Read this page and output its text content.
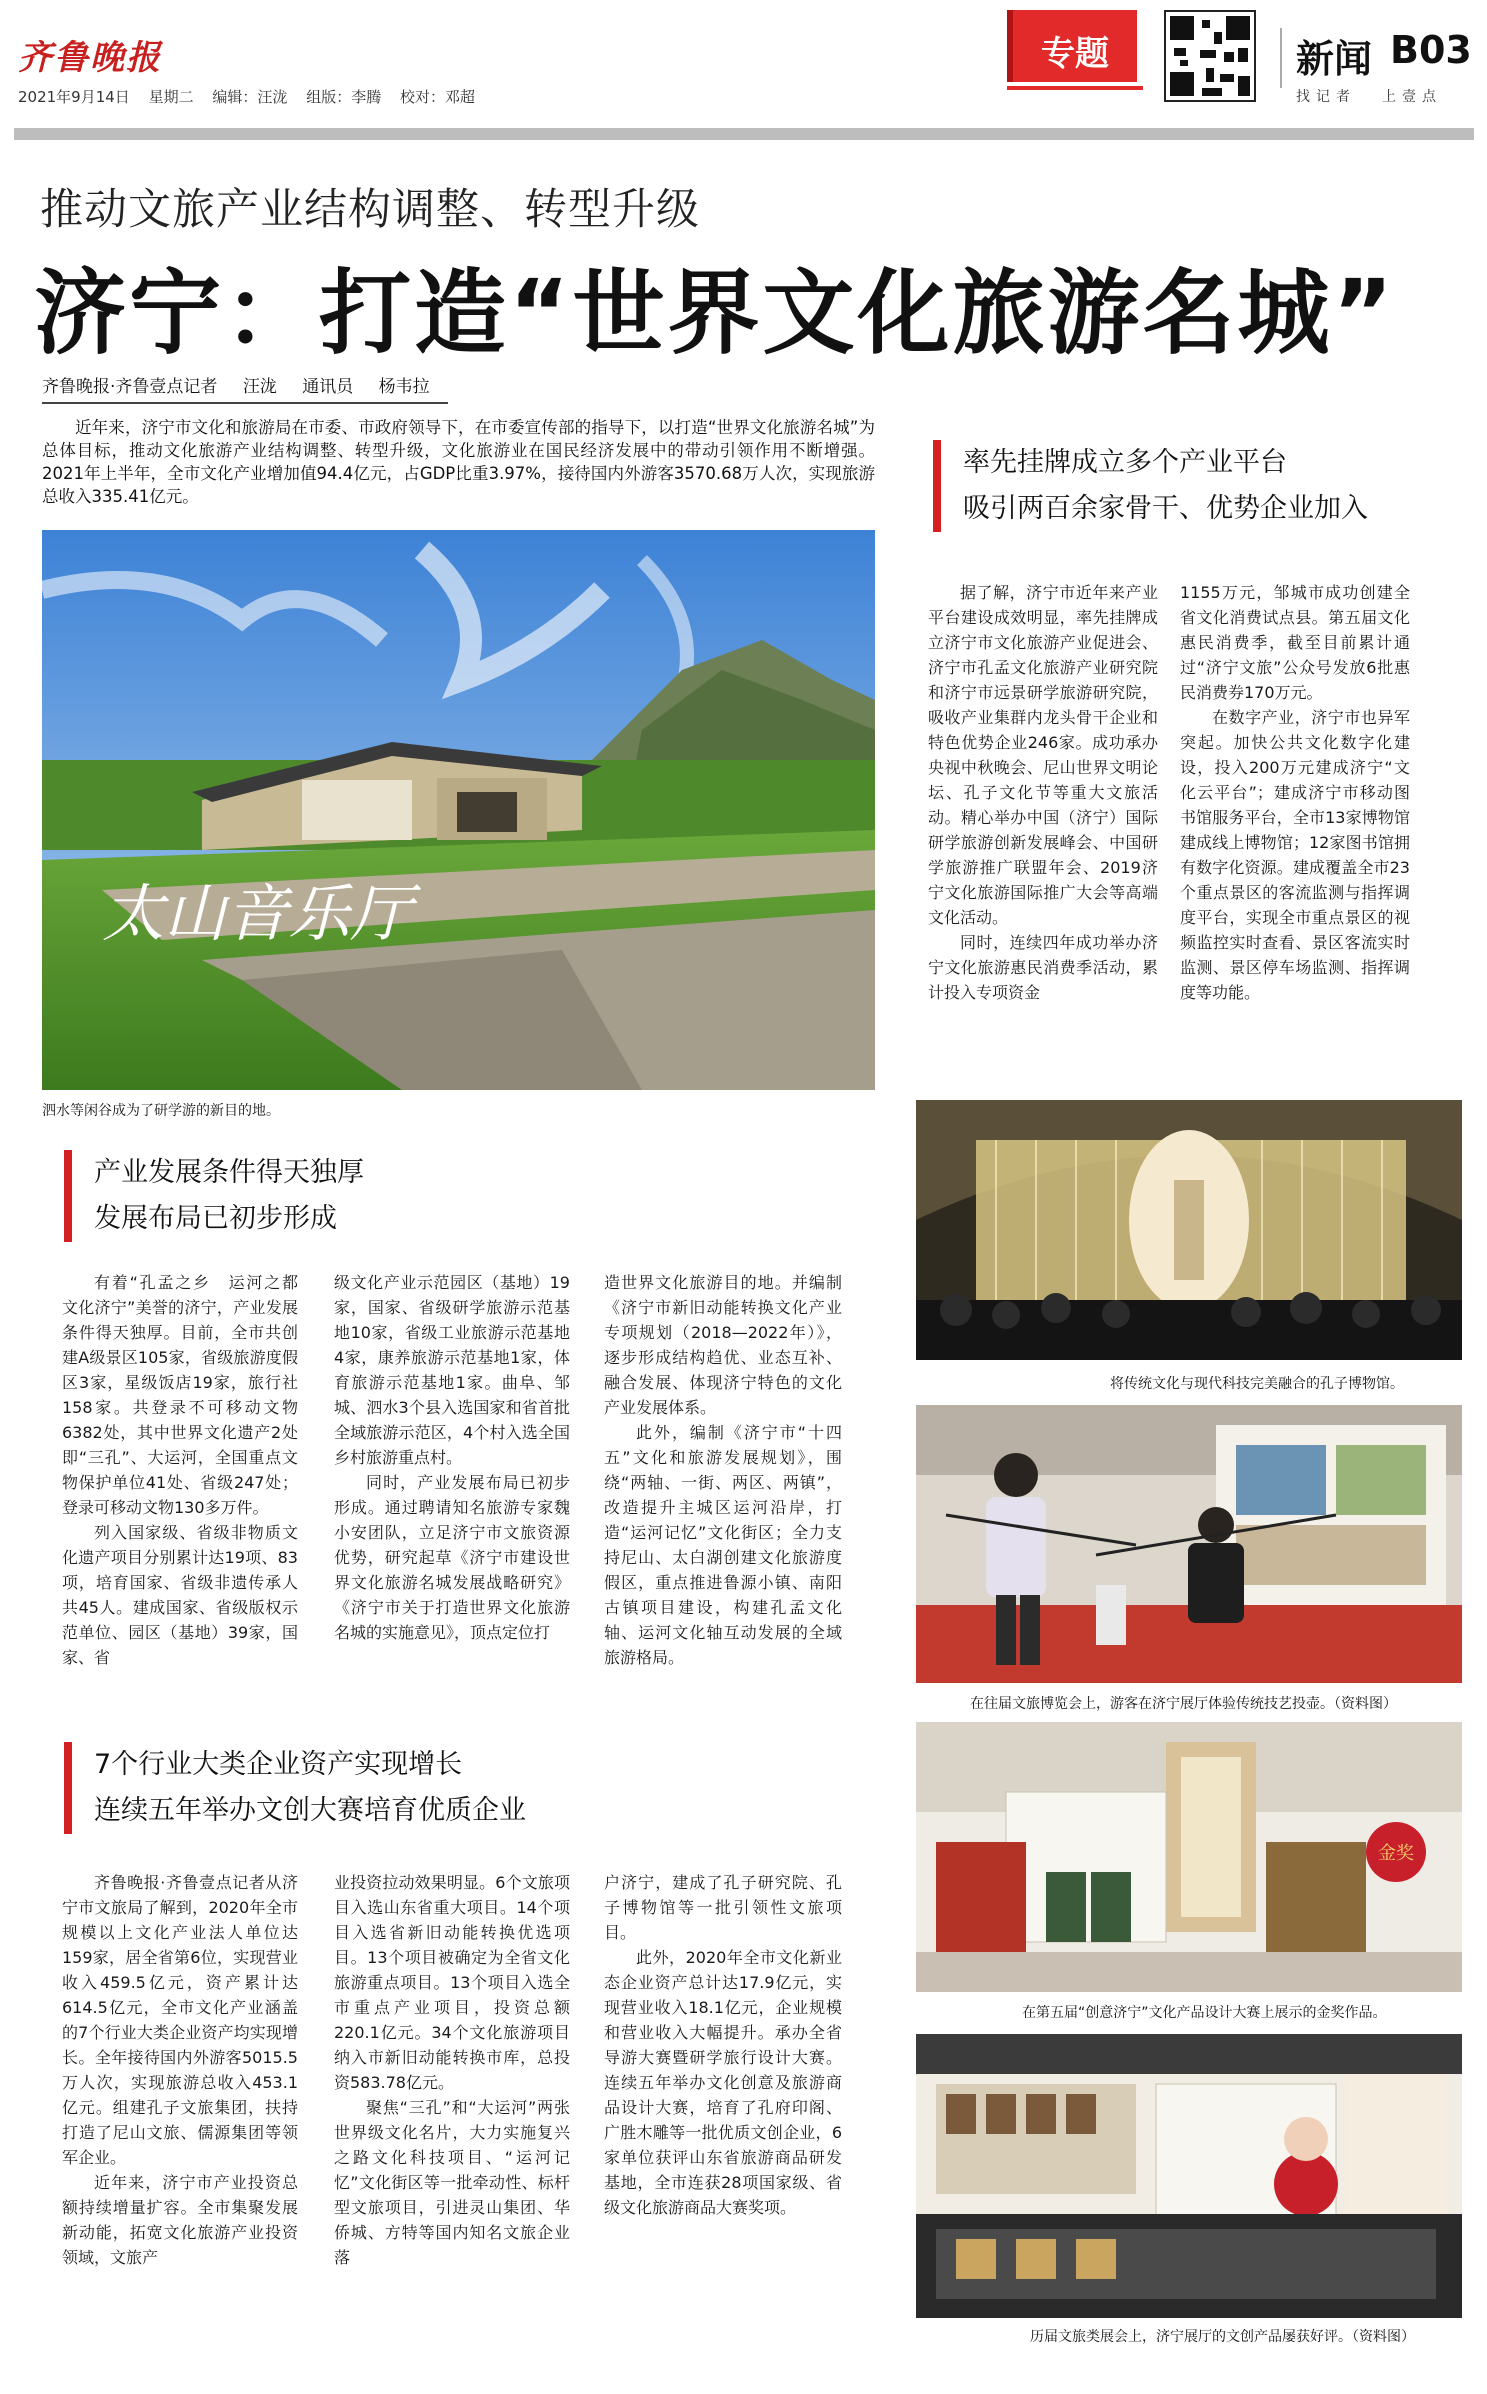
齐鲁晚报
2021年9月14日 星期二 编辑：汪泷 组版：李腾 校对：邓超
专题	新闻 B03
找记者 上壹点
推动文旅产业结构调整、转型升级
济宁：打造“世界文化旅游名城”
齐鲁晚报·齐鲁壹点记者 汪泷 通讯员 杨韦拉
近年来，济宁市文化和旅游局在市委、市政府领导下，在市委宣传部的指导下，以打造“世界文化旅游名城”为总体目标，推动文化旅游产业结构调整、转型升级，文化旅游业在国民经济发展中的带动引领作用不断增强。2021年上半年，全市文化产业增加值94.4亿元，占GDP比重3.97%，接待国内外游客3570.68万人次，实现旅游总收入335.41亿元。
太山音乐厅
泗水等闲谷成为了研学游的新目的地。
率先挂牌成立多个产业平台
吸引两百余家骨干、优势企业加入

据了解，济宁市近年来产业平台建设成效明显，率先挂牌成立济宁市文化旅游产业促进会、济宁市孔孟文化旅游产业研究院和济宁市远景研学旅游研究院，吸收产业集群内龙头骨干企业和特色优势企业246家。成功承办央视中秋晚会、尼山世界文明论坛、孔子文化节等重大文旅活动。精心举办中国（济宁）国际研学旅游创新发展峰会、中国研学旅游推广联盟年会、2019济宁文化旅游国际推广大会等高端文化活动。

同时，连续四年成功举办济宁文化旅游惠民消费季活动，累计投入专项资金

1155万元，邹城市成功创建全省文化消费试点县。第五届文化惠民消费季，截至目前累计通过“济宁文旅”公众号发放6批惠民消费券170万元。

在数字产业，济宁市也异军突起。加快公共文化数字化建设，投入200万元建成济宁“文化云平台”；建成济宁市移动图书馆服务平台，全市13家博物馆建成线上博物馆；12家图书馆拥有数字化资源。建成覆盖全市23个重点景区的客流监测与指挥调度平台，实现全市重点景区的视频监控实时查看、景区客流实时监测、景区停车场监测、指挥调度等功能。

将传统文化与现代科技完美融合的孔子博物馆。
在往届文旅博览会上，游客在济宁展厅体验传统技艺投壶。（资料图）
金奖
在第五届“创意济宁”文化产品设计大赛上展示的金奖作品。
历届文旅类展会上，济宁展厅的文创产品屡获好评。（资料图）
产业发展条件得天独厚
发展布局已初步形成

有着“孔孟之乡　运河之都　文化济宁”美誉的济宁，产业发展条件得天独厚。目前，全市共创建A级景区105家，省级旅游度假区3家，星级饭店19家，旅行社158家。共登录不可移动文物6382处，其中世界文化遗产2处即“三孔”、大运河，全国重点文物保护单位41处、省级247处；登录可移动文物130多万件。

列入国家级、省级非物质文化遗产项目分别累计达19项、83项，培育国家、省级非遗传承人共45人。建成国家、省级版权示范单位、园区（基地）39家，国家、省

级文化产业示范园区（基地）19家，国家、省级研学旅游示范基地10家，省级工业旅游示范基地4家，康养旅游示范基地1家，体育旅游示范基地1家。曲阜、邹城、泗水3个县入选国家和省首批全域旅游示范区，4个村入选全国乡村旅游重点村。

同时，产业发展布局已初步形成。通过聘请知名旅游专家魏小安团队，立足济宁市文旅资源优势，研究起草《济宁市建设世界文化旅游名城发展战略研究》《济宁市关于打造世界文化旅游名城的实施意见》，顶点定位打

造世界文化旅游目的地。并编制《济宁市新旧动能转换文化产业专项规划（2018—2022年）》，逐步形成结构趋优、业态互补、融合发展、体现济宁特色的文化产业发展体系。

此外，编制《济宁市“十四五”文化和旅游发展规划》，围绕“两轴、一街、两区、两镇”，改造提升主城区运河沿岸，打造“运河记忆”文化街区；全力支持尼山、太白湖创建文化旅游度假区，重点推进鲁源小镇、南阳古镇项目建设，构建孔孟文化轴、运河文化轴互动发展的全域旅游格局。

7个行业大类企业资产实现增长
连续五年举办文创大赛培育优质企业

齐鲁晚报·齐鲁壹点记者从济宁市文旅局了解到，2020年全市规模以上文化产业法人单位达159家，居全省第6位，实现营业收入459.5亿元，资产累计达614.5亿元，全市文化产业涵盖的7个行业大类企业资产均实现增长。全年接待国内外游客5015.5万人次，实现旅游总收入453.1亿元。组建孔子文旅集团，扶持打造了尼山文旅、儒源集团等领军企业。

近年来，济宁市产业投资总额持续增量扩容。全市集聚发展新动能，拓宽文化旅游产业投资领域，文旅产

业投资拉动效果明显。6个文旅项目入选山东省重大项目。14个项目入选省新旧动能转换优选项目。13个项目被确定为全省文化旅游重点项目。13个项目入选全市重点产业项目，投资总额220.1亿元。34个文化旅游项目纳入市新旧动能转换市库，总投资583.78亿元。

聚焦“三孔”和“大运河”两张世界级文化名片，大力实施复兴之路文化科技项目、“运河记忆”文化街区等一批牵动性、标杆型文旅项目，引进灵山集团、华侨城、方特等国内知名文旅企业落

户济宁，建成了孔子研究院、孔子博物馆等一批引领性文旅项目。

此外，2020年全市文化新业态企业资产总计达17.9亿元，实现营业收入18.1亿元，企业规模和营业收入大幅提升。承办全省导游大赛暨研学旅行设计大赛。连续五年举办文化创意及旅游商品设计大赛，培育了孔府印阁、广胜木雕等一批优质文创企业，6家单位获评山东省旅游商品研发基地，全市连获28项国家级、省级文化旅游商品大赛奖项。
